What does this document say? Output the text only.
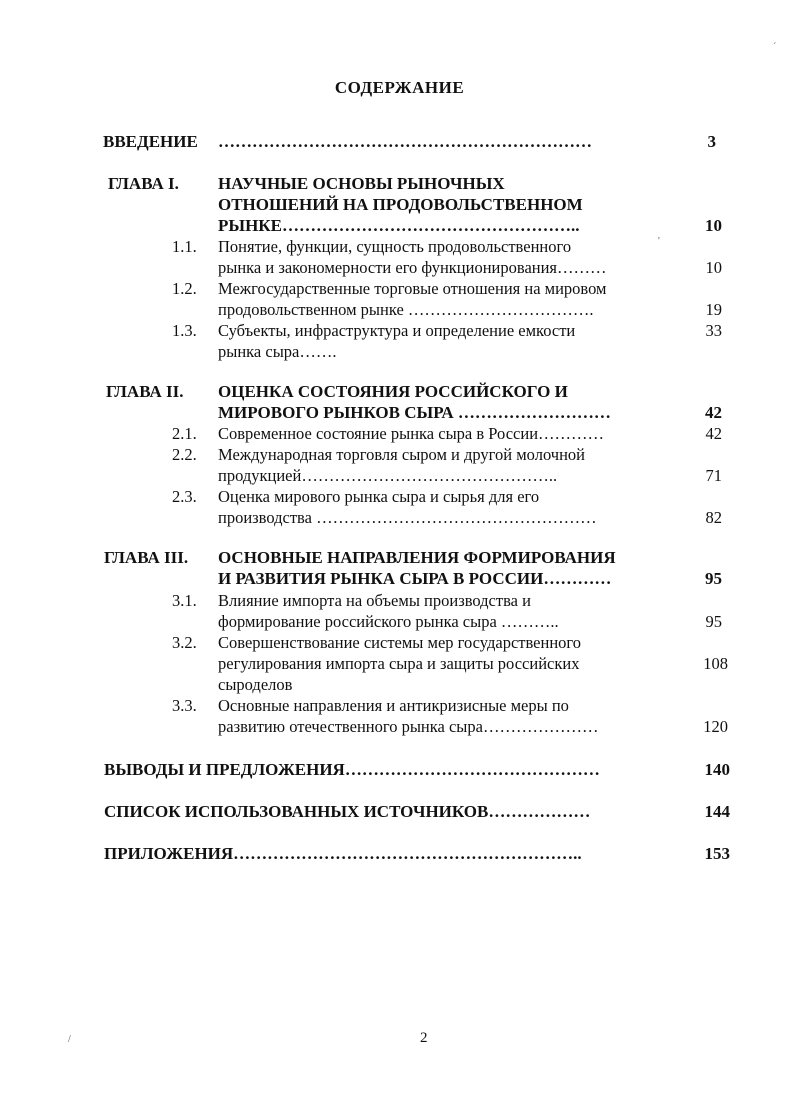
СОДЕРЖАНИЕ
ВВЕДЕНИЕ …………………………………………………………	3
ГЛАВА I. НАУЧНЫЕ ОСНОВЫ РЫНОЧНЫХ
ОТНОШЕНИЙ НА ПРОДОВОЛЬСТВЕННОМ
РЫНКЕ……………………………………………..	10
1.1. Понятие, функции, сущность продовольственного
рынка и закономерности его функционирования………	10
1.2. Межгосударственные торговые отношения на мировом
продовольственном рынке …………………………….	19
1.3. Субъекты, инфраструктура и определение емкости	33
рынка сыра…….
ГЛАВА II. ОЦЕНКА СОСТОЯНИЯ РОССИЙСКОГО И
МИРОВОГО РЫНКОВ СЫРА ………………………	42
2.1. Современное состояние рынка сыра в России…………	42
2.2. Международная торговля сыром и другой молочной
продукцией………………………………………..	71
2.3. Оценка мирового рынка сыра и сырья для его
производства ……………………………………………	82
ГЛАВА III. ОСНОВНЫЕ НАПРАВЛЕНИЯ ФОРМИРОВАНИЯ
И РАЗВИТИЯ РЫНКА СЫРА В РОССИИ…………	95
3.1. Влияние импорта на объемы производства и
формирование российского рынка сыра ………..	95
3.2. Совершенствование системы мер государственного
регулирования импорта сыра и защиты российских	108
сыроделов
3.3. Основные направления и антикризисные меры по
развитию отечественного рынка сыра…………………	120
ВЫВОДЫ И ПРЕДЛОЖЕНИЯ………………………………………	140
СПИСОК ИСПОЛЬЗОВАННЫХ ИСТОЧНИКОВ………………	144
ПРИЛОЖЕНИЯ……………………………………………………..	153
2
´
'
/
